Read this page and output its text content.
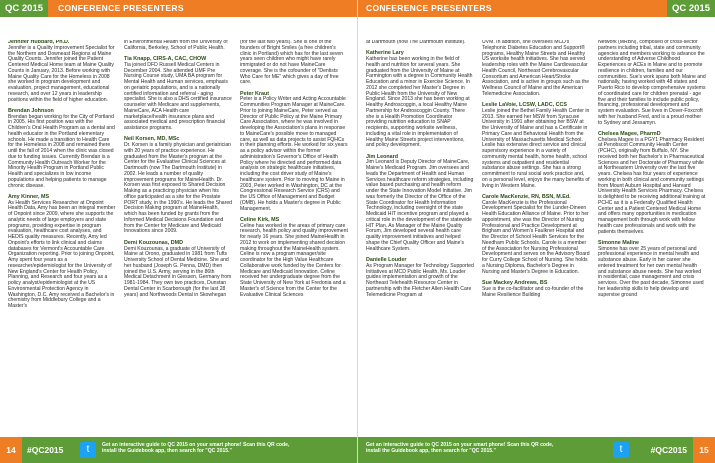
QC 2015	CONFERENCE PRESENTERS

Jennifer Hubbard, Ph.D.
Jennifer is a Quality Improvement Specialist for the Northern and Downeast Regions at Maine Quality Counts. Jennifer joined the Patient Centered Medical Home team at Maine Quality Counts in January, 2013. Before working with Maine Quality Care for the Homeless in 2008 she worked in program development and evaluation, project management, educational research, and over 12 years in leadership positions within the field of higher education.

Brendan Johnson
Brendan began working for the City of Portland in 2005. His first position was with the Children's Oral Health Program as a dental and health educator in the Portland elementary schools. He made a transition to Health Care for the Homeless in 2008 and remained there until the fall of 2014 when the clinic was closed due to funding issues. Currently Brendan is a Community Health Outreach Worker for the Minority Health Program in Portland Public Health and specializes in low income populations and helping patients to manage chronic disease.

Amy Kinner, MS
As Health Services Researcher at Onpoint Health Data, Amy has been an integral member of Onpoint since 2009, where she supports the analytic needs of large employers and state programs, providing expertise in program evaluation, healthcare cost analyses, and HEDIS quality measures. Recently, Amy led Onpoint's efforts to link clinical and claims databases for Vermont's Accountable Care Organization reporting. Prior to joining Onpoint, Amy spent four years as a researcher/epidemiologist for the University of New England's Center for Health Policy, Planning, and Research and four years as a policy analyst/epidemiologist at the US Environmental Protection Agency in Washington, D.C. Amy received a Bachelor's in chemistry from Middlebury College and a Master's

in Environmental Health from the University of California, Berkeley, School of Public Health.

Tia Knapp, CIRS-A, CAC, CHOW
Tia joined DFD Russell Medical Centers in December 2004. She attended UMF Pre Nursing Course study, UMA BA program for Mental Health and Human services, emphasis on geriatric populations, and is a nationally certified information and referral - aging specialist. She is also a DHS certified insurance counselor with Medicare and supplements, MaineCare, ACA Health care marketplace/health insurance plans and associated medical and prescription financial assistance programs.

Neil Korsen, MD, MSc
Dr. Korsen is a family physician and geriatrician with 20 years of practice experience. He graduated from the Master's program at the Center for the Evaluative Clinical Sciences at Dartmouth (now The Dartmouth Institute) in 2002. He leads a number of quality improvement programs for MaineHealth. Dr. Korsen was first exposed to Shared Decision Making as a practicing physician when his office participated as a site for the Prostate PORT study, in the 1990's. He leads the Shared Decision Making program at MaineHealth, which has been funded by grants from the Informed Medical Decisions Foundation and from the Center for Medicare and Medicaid Innovations since 2009.

Demi Kouzounas, DMD
Demi Kouzounas, a graduate of University of Maine at Orono, graduated in 1981 from Tufts University School of Dental Medicine. She and her husband (Joseph G. Penna, DMD) then joined the U.S. Army, serving in the 86th Medical Detachment in Giessen, Germany from 1981-1984. They own two practices, Dunstan Dental Center in Scarborough (for the last 28 years) and Northwoods Dental in Skowhegan

(for the last two years). She is one of the founders of Bright Smiles (a free children's clinic in Portland) which has for the last seven years seen children who might have rarely immigrated or do not have MaineCare coverage. She is the cofounder of "Dentists Who Care for ME" which gives a day of free care.

Peter Kraut
Peter is a Policy Writer and Acting Accountable Communities Program Manager at MaineCare. Prior to joining MaineCare, Peter served as Director of Public Policy at the Maine Primary Care Association, where he was involved in developing the Association's plans in response to MaineCare's possible move to managed care, as well as data projects to assist FQHCs in their planning efforts. He worked for six years as a policy advisor within the former administration's Governor's Office of Health Policy where he directed and performed data analysis on strategic healthcare initiatives, including the cost driver study of Maine's healthcare system. Prior to moving to Maine in 2003, Peter worked in Washington, DC at the Congressional Research Service (CRS) and the US Office of Management and Budget (OMB). He holds a Master's degree in Public Management.

Celine Kirk, MS
Celine has worked in the areas of primary care research, health policy and quality improvement for nearly 16 years. She joined MaineHealth in 2012 to work on implementing shared decision making throughout the MaineHealth system. Celine is now a program manager/site coordinator for the High Value Healthcare Collaborative work funded by the Centers for Medicare and Medicaid Innovation. Celine received her undergraduate degree from the State University of New York at Fredonia and a Master's of Science from the Center for the Evaluative Clinical Sciences

14	#QC2015	t	Get an interactive guide to QC 2015 on your smart phone! Scan this QR code, install the Guidebook app, then search for "QC 2015."
CONFERENCE PRESENTERS	QC 2015

at Dartmouth (now The Dartmouth Institute).

Katherine Lary
Katherine has been working in the field of health and nutrition for several years. She graduated from the University of Maine at Farmington with a degree in Community Health Education and a minor in Exercise Science. In 2012 she completed her Master's Degree in Public Health from the University of New England. Since 2013 she has been working at Healthy Androscoggin, a local Healthy Maine Partnership for Androscoggin County. There she is a Health Promotion Coordinator providing nutrition education to SNAP recipients, supporting worksite wellness, including a vital role in implementation of Healthy Maine Streets project interventions, and policy development.

Jim Leonard
Jim Leonard is Deputy Director of MaineCare, Maine's Medicaid Program. Jim oversees and leads the Department of Health and Human Services healthcare reform strategies, including value based purchasing and health reform under the State Innovation Model Initiative. Jim was formerly the Director of the Office of the State Coordinator for Health Information Technology, including oversight of the state Medicaid HIT incentive program and played a critical role in the development of the statewide HIT Plan. As Manager of the Maine Quality Forum, Jim developed several health care quality improvement initiatives and helped shape the Chief Quality Officer and Maine's Healthcare System.

Danielle Louder
As Program Manager for Technology Supported Initiatives at MCD Public Health, Ms. Louder guides implementation and growth of the Northeast Telehealth Resource Center in partnership with the Fletcher Allen Health Care Telemedicine Program at

UVM. In addition, she oversees MCD's Telephonic Diabetes Education and Support® programs, Healthy Maine Streets and Healthy US worksite health initiatives. She has served leadership roles with the Maine Cardiovascular Health Council, Northeast Cerebrovascular Consortium and American Heart/Stroke Association, and is active in groups such as the Wellness Council of Maine and the American Telemedicine Association.

Leslie LaVoie, LCSW, LADC, CCS
Leslie joined the Bethel Family Health Center in 2013. She earned her MSW from Syracuse University in 1991 after obtaining her BSW at the University of Maine and has a Certificate in Primary Care and Behavioral Health from the University of Massachusetts Medical School. Leslie has extensive direct service and clinical supervisory experience in a variety of community mental health, home health, school systems and outpatient and residential substance abuse settings. She has a strong commitment to rural social work practice and, on a personal level, enjoys the many benefits of living in Western Maine.

Carole MacKenzie, RN, BSN, M.Ed.
Carole MacKenzie is the Professional Development Specialist for the Lunder-Dineen Health Education Alliance of Maine. Prior to her appointment, she was the Director of Nursing Professional and Practice Development at Brigham and Women's Faulkner Hospital and the Director of School Health Services for the Needham Public Schools. Carole is a member of the Association for Nursing Professional Development and serves on the Advisory Board for Curry College School of Nursing. She holds a Nursing Diploma, Bachelor's Degree in Nursing and Master's Degree in Education.

Sue Mackey Andrews, BS
Sue is the co-facilitator and co-founder of the Maine Resilience Building

Network (MRBN), composed of cross-sector partners including tribal, state and community agencies and members working to advance the understanding of Adverse Childhood Experiences or ACEs in Maine and to promote resilience in children, families and our communities. Sue's work spans both Maine and nationally, having worked with 48 states and Puerto Rico to develop comprehensive systems of coordinated care for children prenatal - age five and their families to include public policy, financing, professional development and system evaluation. Sue lives in Dover-Foxcroft with her husband Fred, and is a proud mother to Sydney and Jessamyn.

Chelsea Magee, PharmD
Chelsea Magee is a PGY1 Pharmacy Resident at Penobscot Community Health Center (PCHC), originally from Buffalo, NY. She received both her Bachelor's in Pharmaceutical Sciences and her Doctorate of Pharmacy while at Northeastern University over the last five years. Chelsea has four years of experience working in both clinical and community settings from Mount Auburn Hospital and Harvard University Health Services Pharmacy. Chelsea is delighted to be receiving additional training at PCHC as it is a Federally Qualified Health Center and a Patient Centered Medical Home and offers many opportunities in medication management both through work with fellow health care professionals and work with the patients themselves.

Simonne Maline
Simonne has over 25 years of personal and professional experience in mental health and substance abuse. Early in her career she entered treatment for her own mental health and substance abuse needs. She has worked in residential, case management and crisis services. Over the past decade, Simonne used her leadership skills to help develop and supervise ground

Get an interactive guide to QC 2015 on your smart phone! Scan this QR code, install the Guidebook app, then search for "QC 2015."	t	#QC2015	15
